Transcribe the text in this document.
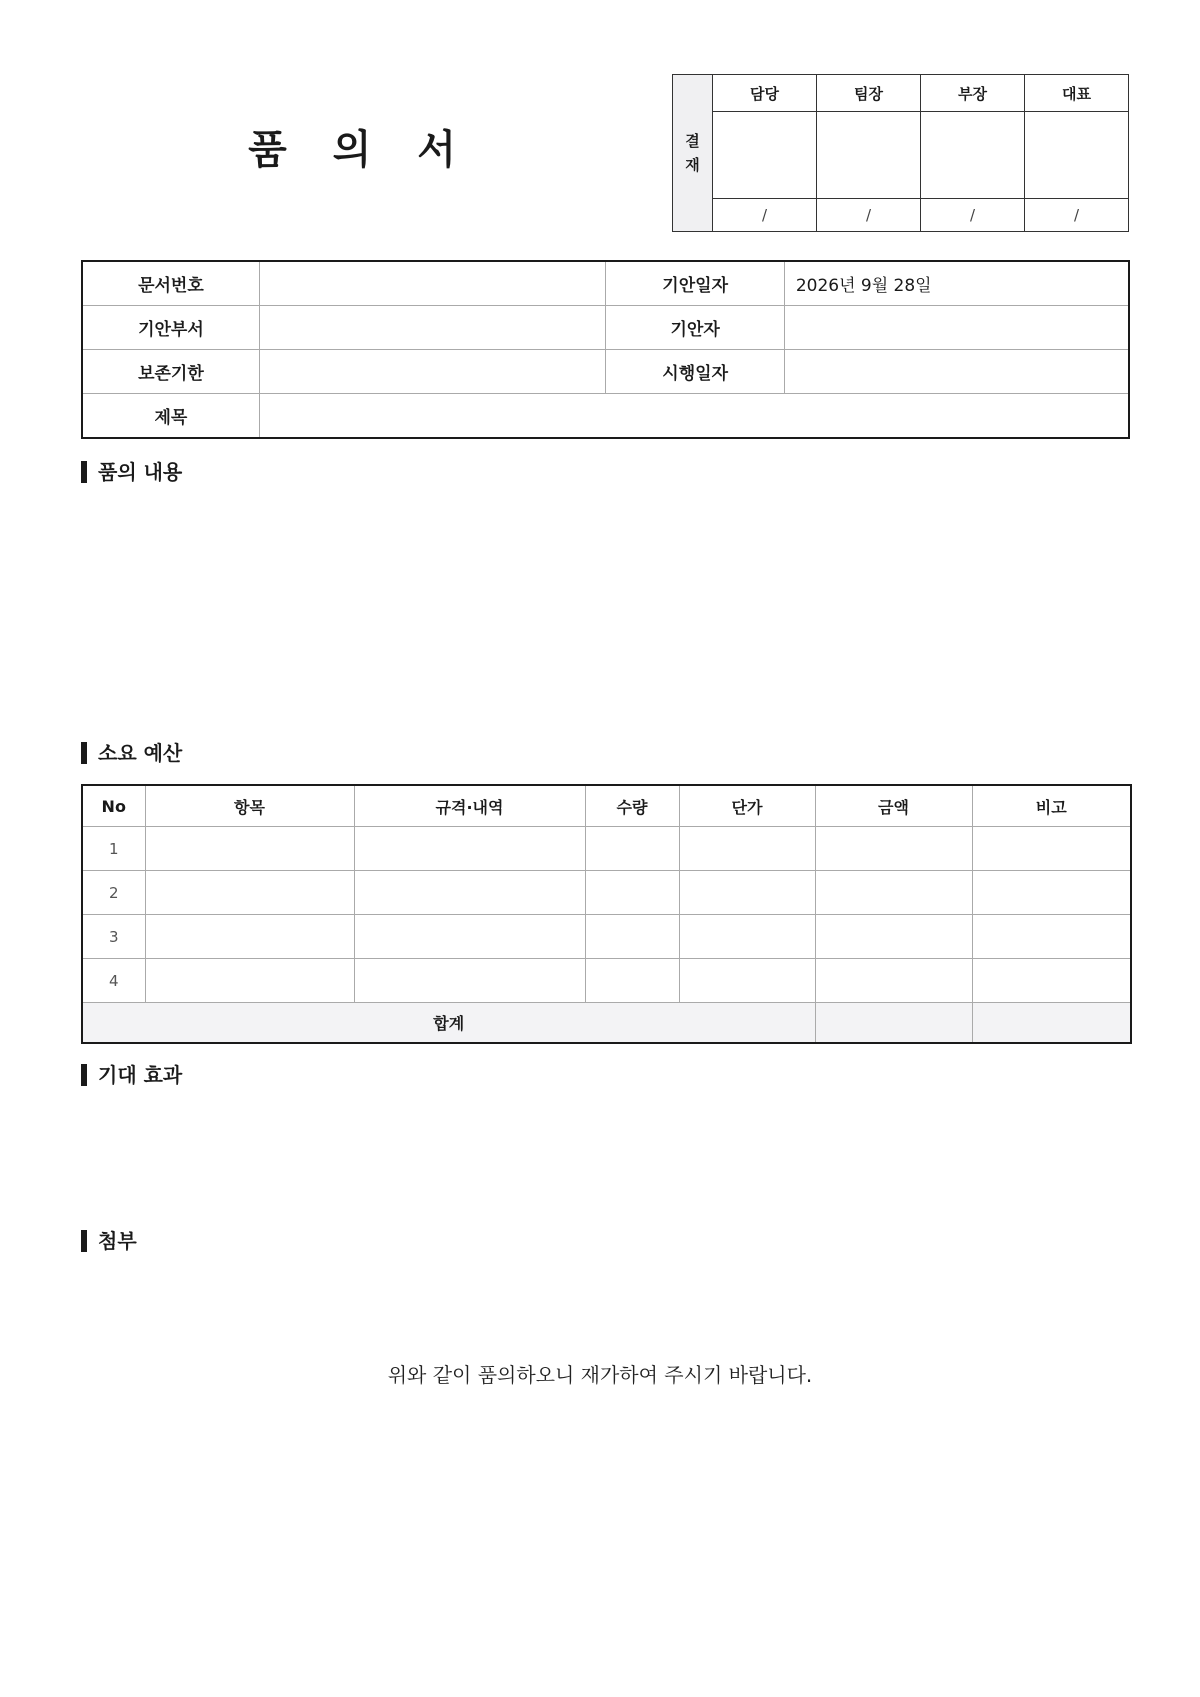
품 의 서	결
재	담당	팀장	부장	대표

	/	/	/	/
문서번호		기안일자	2026년 9월 28일
기안부서		기안자	
보존기한		시행일자	
제목			
품의 내용
소요 예산
No	항목	규격·내역	수량	단가	금액	비고
1						
2						
3						
4						
합계						
기대 효과
첨부
위와 같이 품의하오니 재가하여 주시기 바랍니다.
